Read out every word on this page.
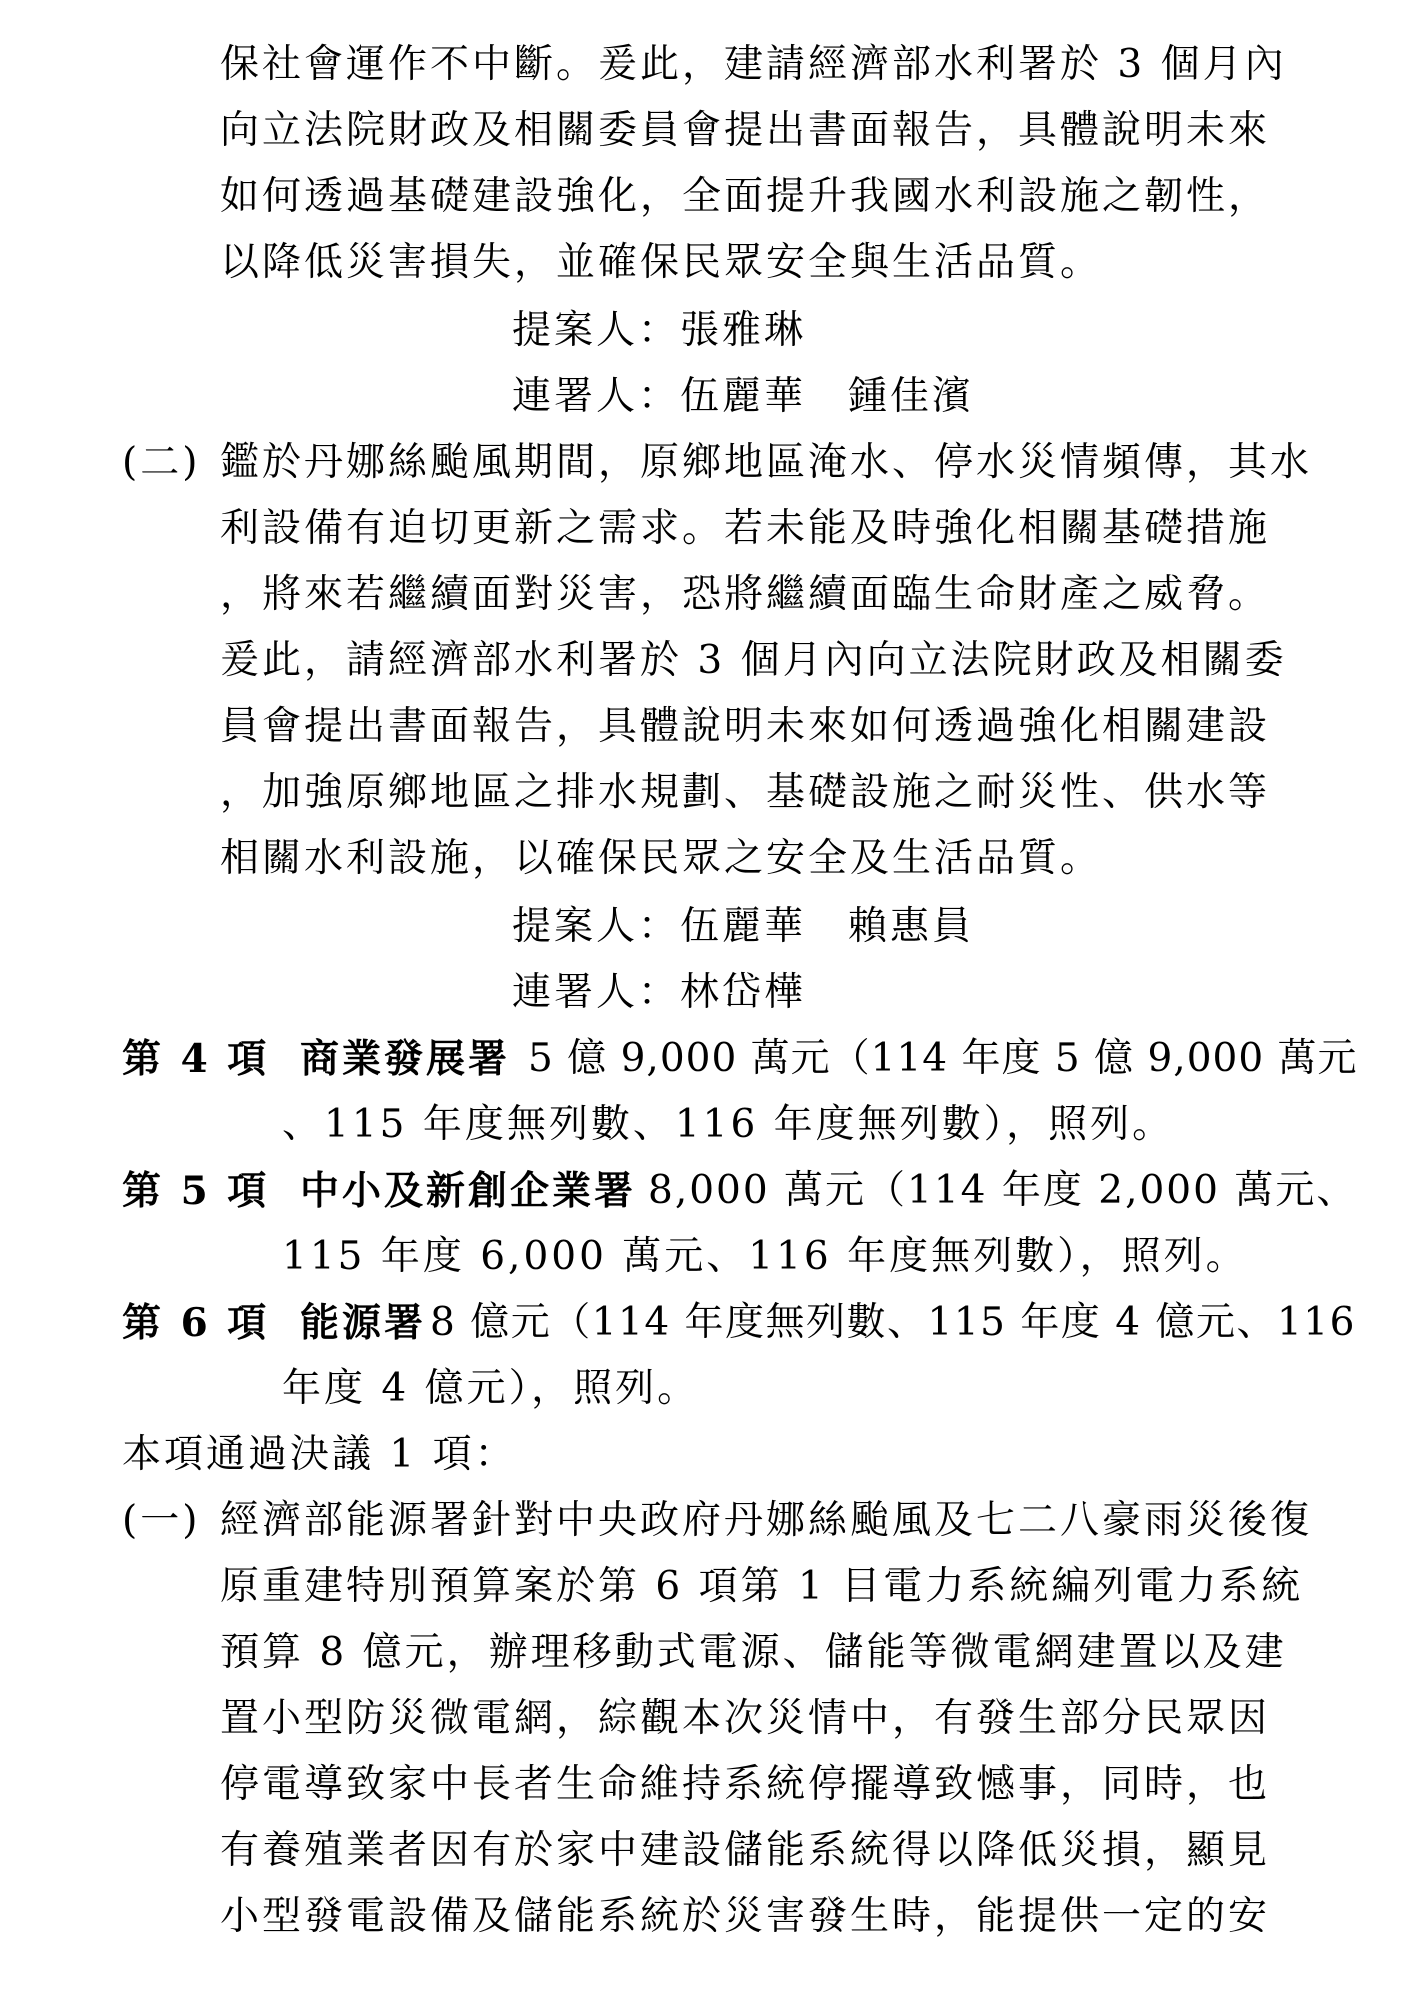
保社會運作不中斷。爰此，建請經濟部水利署於 3 個月內
向立法院財政及相關委員會提出書面報告，具體說明未來
如何透過基礎建設強化，全面提升我國水利設施之韌性，
以降低災害損失，並確保民眾安全與生活品質。
提案人：張雅琳
連署人：伍麗華　鍾佳濱
(二) 鑑於丹娜絲颱風期間，原鄉地區淹水、停水災情頻傳，其水
利設備有迫切更新之需求。若未能及時強化相關基礎措施
，將來若繼續面對災害，恐將繼續面臨生命財產之威脅。
爰此，請經濟部水利署於 3 個月內向立法院財政及相關委
員會提出書面報告，具體說明未來如何透過強化相關建設
，加強原鄉地區之排水規劃、基礎設施之耐災性、供水等
相關水利設施，以確保民眾之安全及生活品質。
提案人：伍麗華　賴惠員
連署人：林岱樺
第 4 項 商業發展署 5 億 9,000 萬元（114 年度 5 億 9,000 萬元
、115 年度無列數、116 年度無列數），照列。
第 5 項 中小及新創企業署 8,000 萬元（114 年度 2,000 萬元、
115 年度 6,000 萬元、116 年度無列數），照列。
第 6 項 能源署 8 億元（114 年度無列數、115 年度 4 億元、116
年度 4 億元），照列。
本項通過決議 1 項：
(一) 經濟部能源署針對中央政府丹娜絲颱風及七二八豪雨災後復
原重建特別預算案於第 6 項第 1 目電力系統編列電力系統
預算 8 億元，辦理移動式電源、儲能等微電網建置以及建
置小型防災微電網，綜觀本次災情中，有發生部分民眾因
停電導致家中長者生命維持系統停擺導致憾事，同時，也
有養殖業者因有於家中建設儲能系統得以降低災損，顯見
小型發電設備及儲能系統於災害發生時，能提供一定的安
